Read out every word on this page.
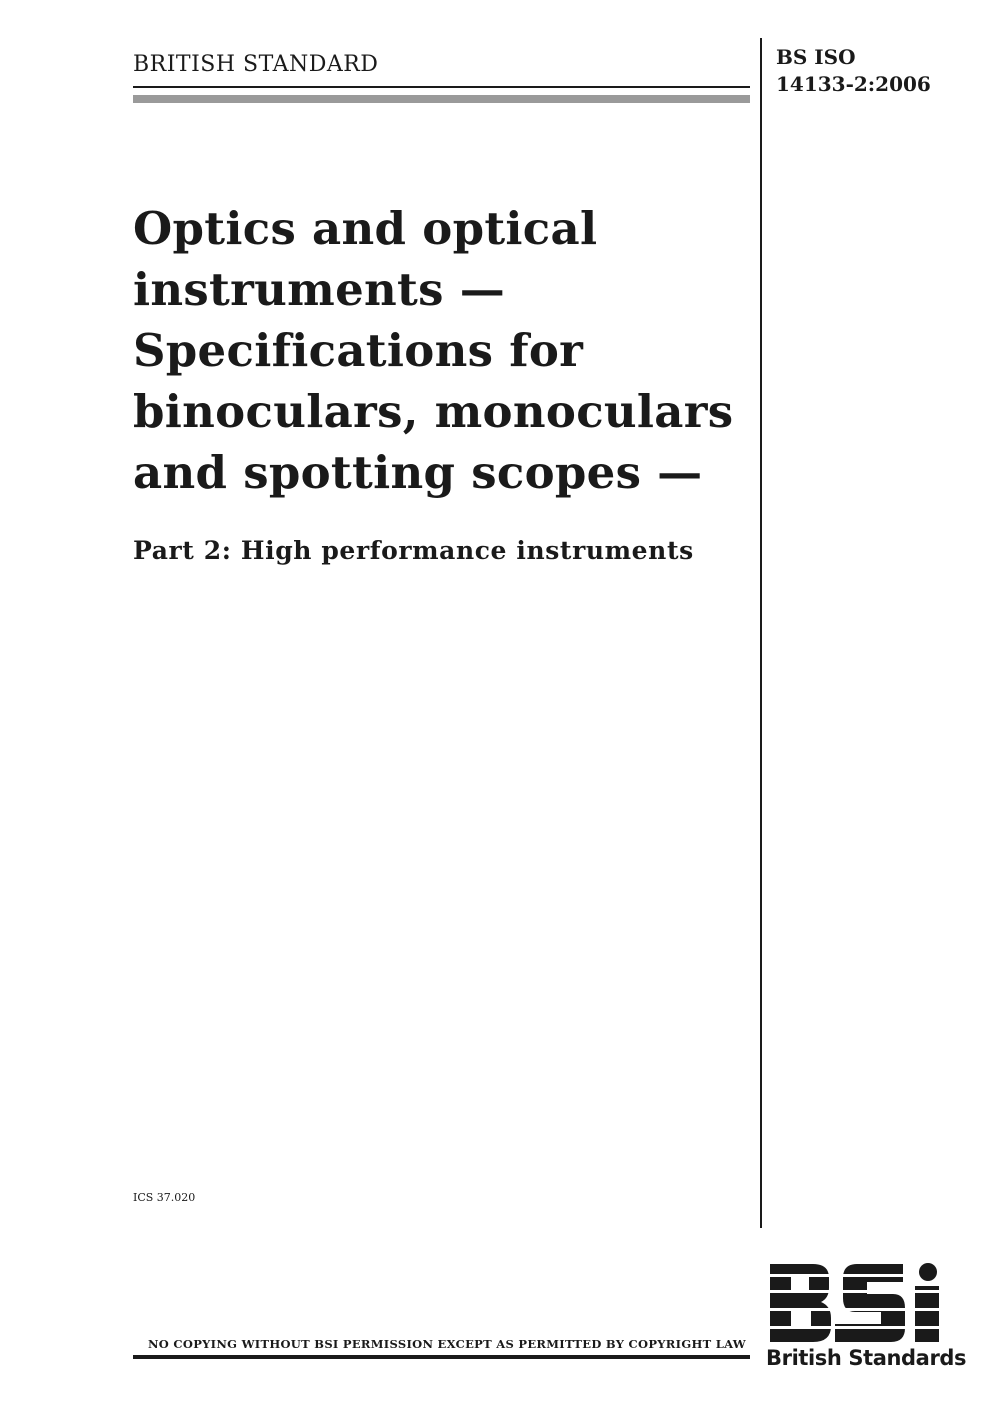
BRITISH STANDARD	BS ISO
14133-2:2006
Optics and optical
instruments —
Specifications for
binoculars, monoculars
and spotting scopes —
Part 2: High performance instruments
ICS 37.020
NO COPYING WITHOUT BSI PERMISSION EXCEPT AS PERMITTED BY COPYRIGHT LAW
British Standards
